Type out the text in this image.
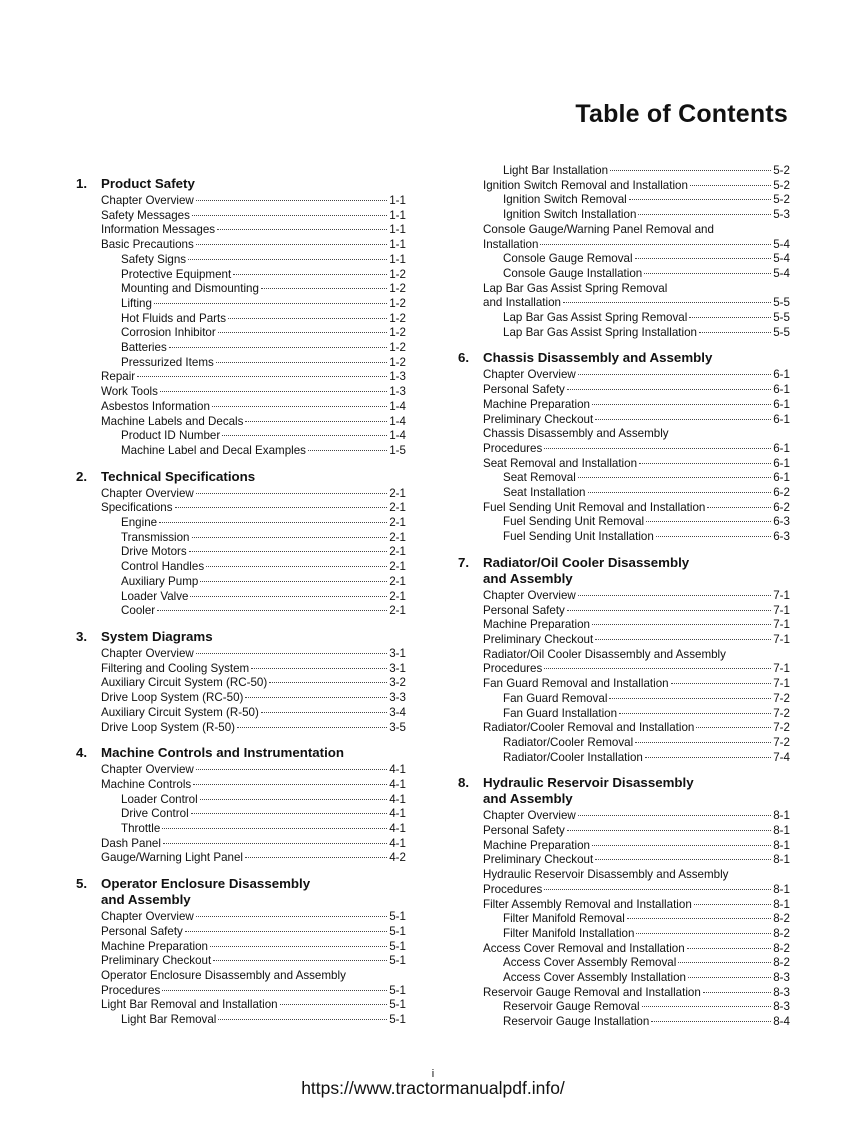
Table of Contents
1.	Product Safety
Chapter Overview	1-1
Safety Messages	1-1
Information Messages	1-1
Basic Precautions	1-1
Safety Signs	1-1
Protective Equipment	1-2
Mounting and Dismounting	1-2
Lifting	1-2
Hot Fluids and Parts	1-2
Corrosion Inhibitor	1-2
Batteries	1-2
Pressurized Items	1-2
Repair	1-3
Work Tools	1-3
Asbestos Information	1-4
Machine Labels and Decals	1-4
Product ID Number	1-4
Machine Label and Decal Examples	1-5
2.	Technical Specifications
Chapter Overview	2-1
Specifications	2-1
Engine	2-1
Transmission	2-1
Drive Motors	2-1
Control Handles	2-1
Auxiliary Pump	2-1
Loader Valve	2-1
Cooler	2-1
3.	System Diagrams
Chapter Overview	3-1
Filtering and Cooling System	3-1
Auxiliary Circuit System (RC-50)	3-2
Drive Loop System (RC-50)	3-3
Auxiliary Circuit System (R-50)	3-4
Drive Loop System (R-50)	3-5
4.	Machine Controls and Instrumentation
Chapter Overview	4-1
Machine Controls	4-1
Loader Control	4-1
Drive Control	4-1
Throttle	4-1
Dash Panel	4-1
Gauge/Warning Light Panel	4-2
5.	Operator Enclosure Disassembly
and Assembly
Chapter Overview	5-1
Personal Safety	5-1
Machine Preparation	5-1
Preliminary Checkout	5-1
Operator Enclosure Disassembly and Assembly
Procedures	5-1
Light Bar Removal and Installation	5-1
Light Bar Removal	5-1
Light Bar Installation	5-2
Ignition Switch Removal and Installation	5-2
Ignition Switch Removal	5-2
Ignition Switch Installation	5-3
Console Gauge/Warning Panel Removal and
Installation	5-4
Console Gauge Removal	5-4
Console Gauge Installation	5-4
Lap Bar Gas Assist Spring Removal
and Installation	5-5
Lap Bar Gas Assist Spring Removal	5-5
Lap Bar Gas Assist Spring Installation	5-5
6.	Chassis Disassembly and Assembly
Chapter Overview	6-1
Personal Safety	6-1
Machine Preparation	6-1
Preliminary Checkout	6-1
Chassis Disassembly and Assembly
Procedures	6-1
Seat Removal and Installation	6-1
Seat Removal	6-1
Seat Installation	6-2
Fuel Sending Unit Removal and Installation	6-2
Fuel Sending Unit Removal	6-3
Fuel Sending Unit Installation	6-3
7.	Radiator/Oil Cooler Disassembly
and Assembly
Chapter Overview	7-1
Personal Safety	7-1
Machine Preparation	7-1
Preliminary Checkout	7-1
Radiator/Oil Cooler Disassembly and Assembly
Procedures	7-1
Fan Guard Removal and Installation	7-1
Fan Guard Removal	7-2
Fan Guard Installation	7-2
Radiator/Cooler Removal and Installation	7-2
Radiator/Cooler Removal	7-2
Radiator/Cooler Installation	7-4
8.	Hydraulic Reservoir Disassembly
and Assembly
Chapter Overview	8-1
Personal Safety	8-1
Machine Preparation	8-1
Preliminary Checkout	8-1
Hydraulic Reservoir Disassembly and Assembly
Procedures	8-1
Filter Assembly Removal and Installation	8-1
Filter Manifold Removal	8-2
Filter Manifold Installation	8-2
Access Cover Removal and Installation	8-2
Access Cover Assembly Removal	8-2
Access Cover Assembly Installation	8-3
Reservoir Gauge Removal and Installation	8-3
Reservoir Gauge Removal	8-3
Reservoir Gauge Installation	8-4
i
https://www.tractormanualpdf.info/
